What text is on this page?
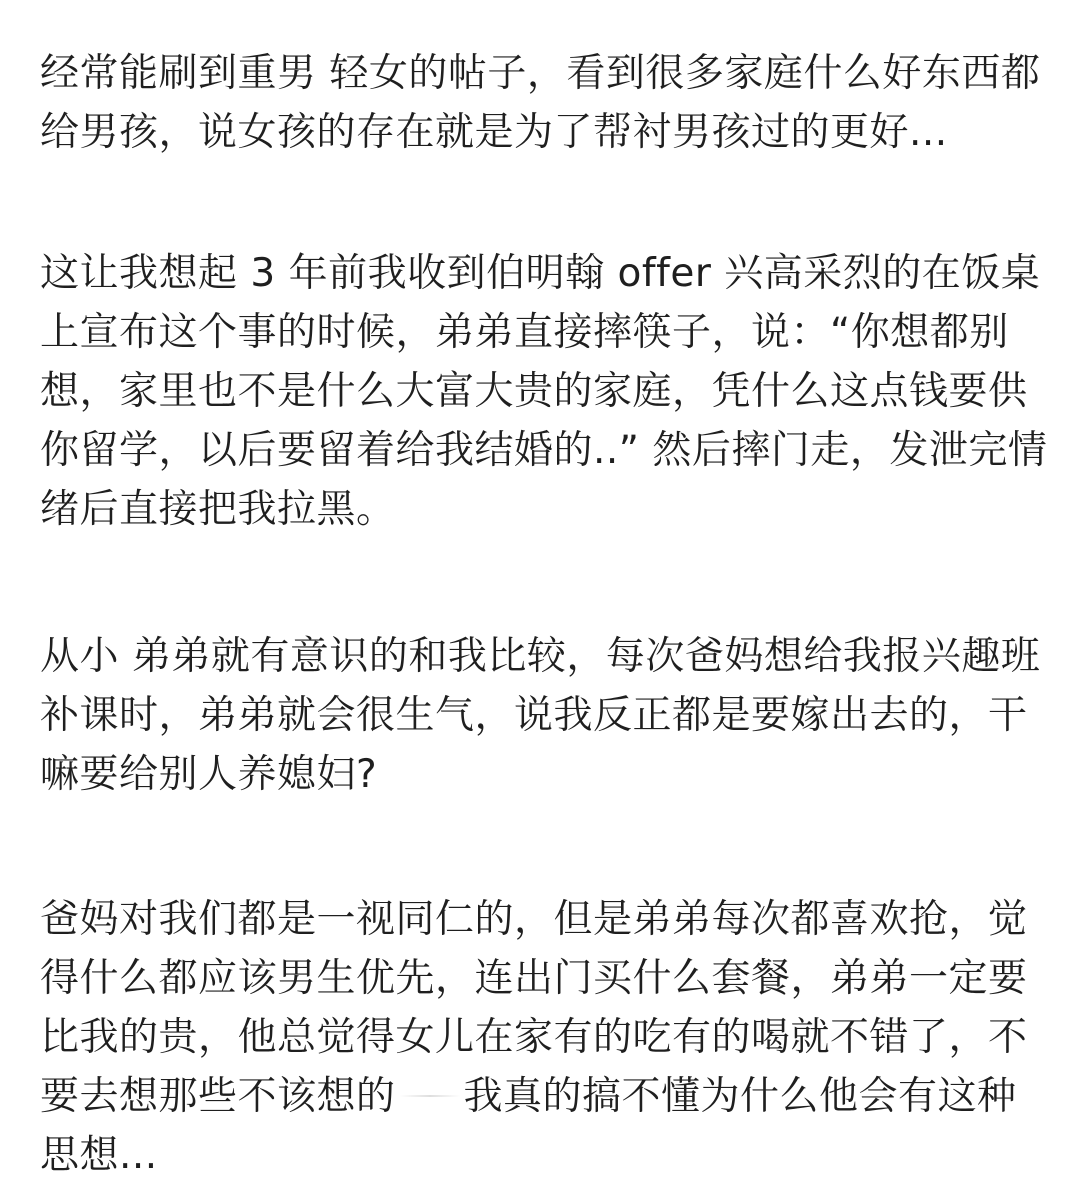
经常能刷到重男 轻女的帖子，看到很多家庭什么好东西都给男孩，说女孩的存在就是为了帮衬男孩过的更好...

这让我想起 3 年前我收到伯明翰 offer 兴高采烈的在饭桌上宣布这个事的时候，弟弟直接摔筷子，说：“你想都别想，家里也不是什么大富大贵的家庭，凭什么这点钱要供你留学，以后要留着给我结婚的..” 然后摔门走，发泄完情绪后直接把我拉黑。

从小 弟弟就有意识的和我比较，每次爸妈想给我报兴趣班补课时，弟弟就会很生气，说我反正都是要嫁出去的，干嘛要给别人养媳妇?

爸妈对我们都是一视同仁的，但是弟弟每次都喜欢抢，觉得什么都应该男生优先，连出门买什么套餐，弟弟一定要比我的贵，他总觉得女儿在家有的吃有的喝就不错了，不要去想那些不该想的 我真的搞不懂为什么他会有这种思想...
